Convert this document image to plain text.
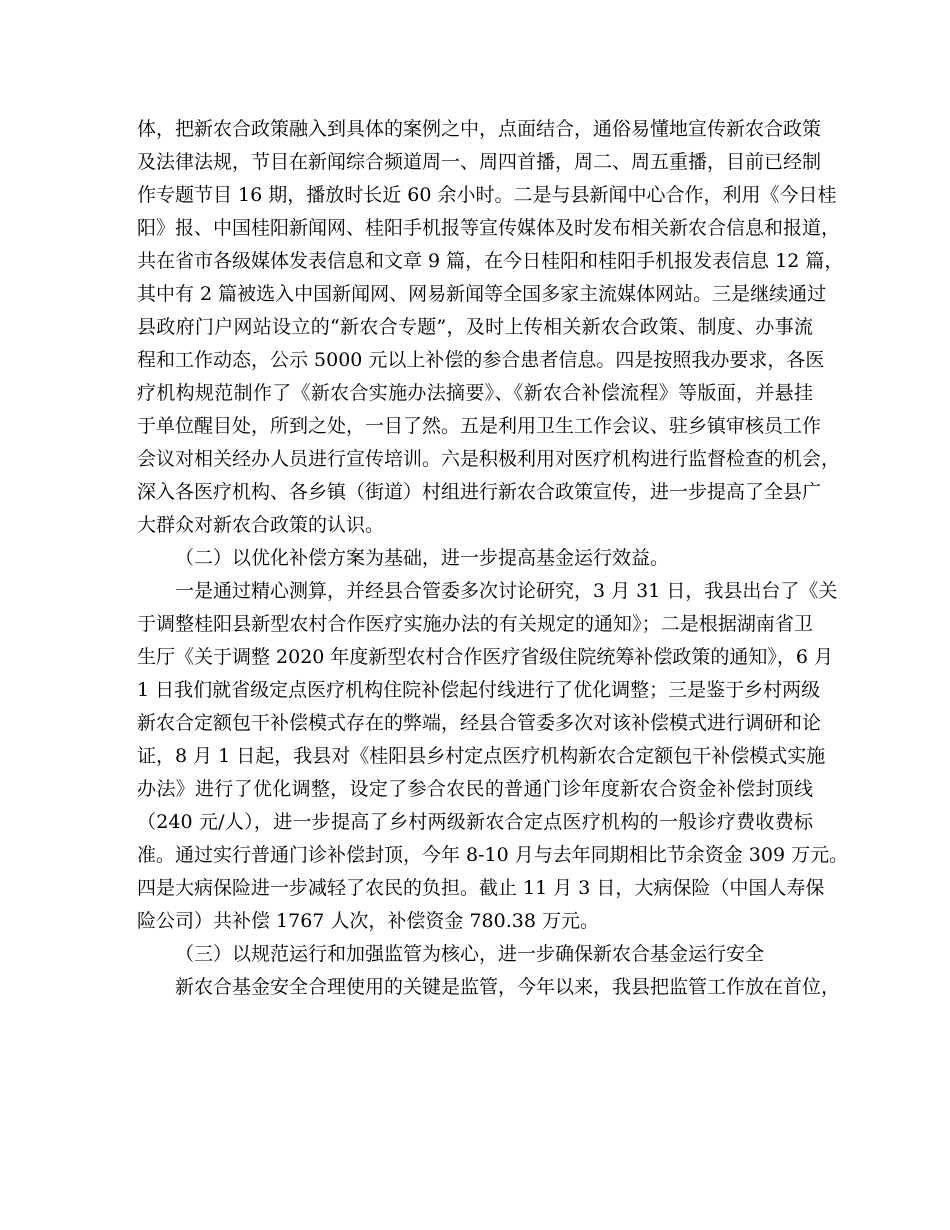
体，把新农合政策融入到具体的案例之中，点面结合，通俗易懂地宣传新农合政策
及法律法规，节目在新闻综合频道周一、周四首播，周二、周五重播，目前已经制
作专题节目 16 期，播放时长近 60 余小时。二是与县新闻中心合作，利用《今日桂
阳》报、中国桂阳新闻网、桂阳手机报等宣传媒体及时发布相关新农合信息和报道，
共在省市各级媒体发表信息和文章 9 篇，在今日桂阳和桂阳手机报发表信息 12 篇，
其中有 2 篇被选入中国新闻网、网易新闻等全国多家主流媒体网站。三是继续通过
县政府门户网站设立的“新农合专题”，及时上传相关新农合政策、制度、办事流
程和工作动态，公示 5000 元以上补偿的参合患者信息。四是按照我办要求，各医
疗机构规范制作了《新农合实施办法摘要》、《新农合补偿流程》等版面，并悬挂
于单位醒目处，所到之处，一目了然。五是利用卫生工作会议、驻乡镇审核员工作
会议对相关经办人员进行宣传培训。六是积极利用对医疗机构进行监督检查的机会，
深入各医疗机构、各乡镇（街道）村组进行新农合政策宣传，进一步提高了全县广
大群众对新农合政策的认识。
（二）以优化补偿方案为基础，进一步提高基金运行效益。
一是通过精心测算，并经县合管委多次讨论研究，3 月 31 日，我县出台了《关
于调整桂阳县新型农村合作医疗实施办法的有关规定的通知》；二是根据湖南省卫
生厅《关于调整 2020 年度新型农村合作医疗省级住院统筹补偿政策的通知》，6 月
1 日我们就省级定点医疗机构住院补偿起付线进行了优化调整；三是鉴于乡村两级
新农合定额包干补偿模式存在的弊端，经县合管委多次对该补偿模式进行调研和论
证，8 月 1 日起，我县对《桂阳县乡村定点医疗机构新农合定额包干补偿模式实施
办法》进行了优化调整，设定了参合农民的普通门诊年度新农合资金补偿封顶线
（240 元/人），进一步提高了乡村两级新农合定点医疗机构的一般诊疗费收费标
准。通过实行普通门诊补偿封顶，今年 8-10 月与去年同期相比节余资金 309 万元。
四是大病保险进一步减轻了农民的负担。截止 11 月 3 日，大病保险（中国人寿保
险公司）共补偿 1767 人次，补偿资金 780.38 万元。
（三）以规范运行和加强监管为核心，进一步确保新农合基金运行安全
新农合基金安全合理使用的关键是监管，今年以来，我县把监管工作放在首位，
